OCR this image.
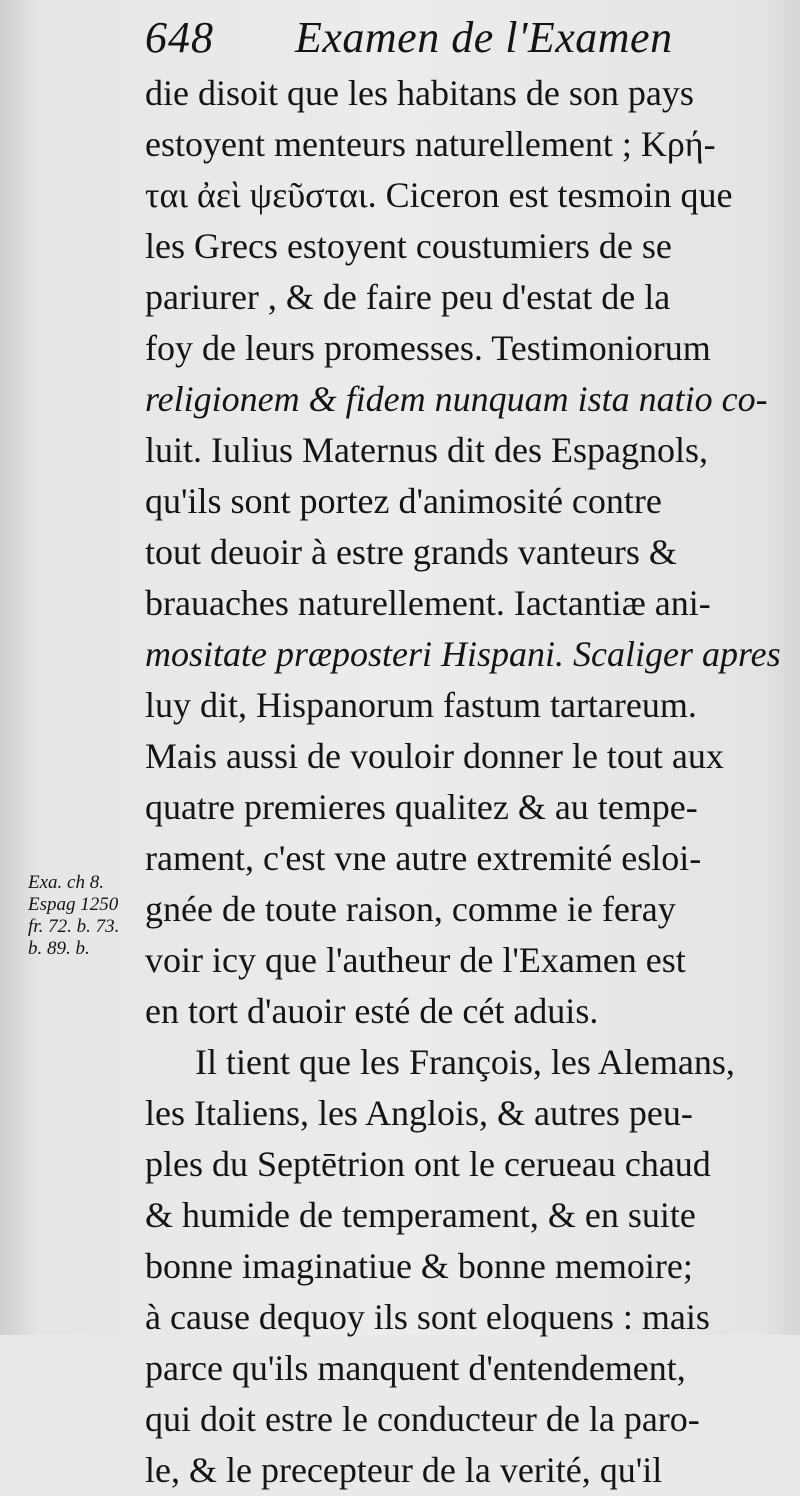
648 Examen de l'Examen
die disoit que les habitans de son pays
estoyent menteurs naturellement ; Κρή-
ται ἀεὶ ψεῦσται. Ciceron est tesmoin que
les Grecs estoyent coustumiers de se
pariurer , & de faire peu d'estat de la
foy de leurs promesses. Testimoniorum
religionem & fidem nunquam ista natio co-
luit. Iulius Maternus dit des Espagnols,
qu'ils sont portez d'animosité contre
tout deuoir à estre grands vanteurs &
brauaches naturellement. Iactantiæ ani-
mositate præposteri Hispani. Scaliger apres
luy dit, Hispanorum fastum tartareum.
Mais aussi de vouloir donner le tout aux
quatre premieres qualitez & au tempe-
rament, c'est vne autre extremité esloi-
gnée de toute raison, comme ie feray
voir icy que l'autheur de l'Examen est
en tort d'auoir esté de cét aduis.
Il tient que les François, les Alemans,
les Italiens, les Anglois, & autres peu-
ples du Septētrion ont le cerueau chaud
& humide de temperament, & en suite
bonne imaginatiue & bonne memoire;
à cause dequoy ils sont eloquens : mais
parce qu'ils manquent d'entendement,
qui doit estre le conducteur de la paro-
le, & le precepteur de la verité, qu'il
Exa. ch 8.
Espag 1250
fr. 72. b. 73.
b. 89. b.
